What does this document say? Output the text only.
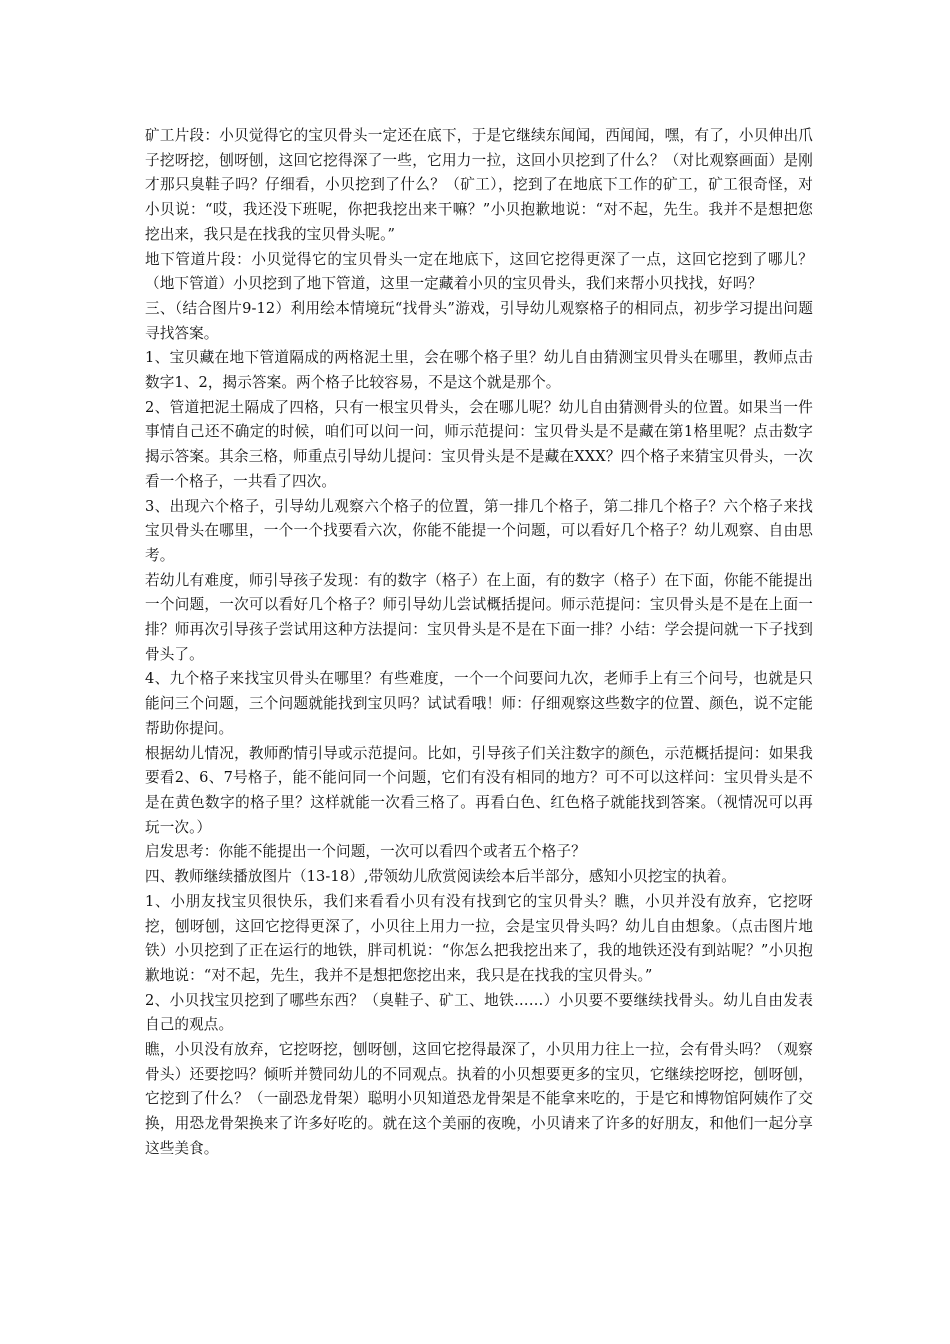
矿工片段：小贝觉得它的宝贝骨头一定还在底下，于是它继续东闻闻，西闻闻，嘿，有了，小贝伸出爪子挖呀挖，刨呀刨，这回它挖得深了一些，它用力一拉，这回小贝挖到了什么？（对比观察画面）是刚才那只臭鞋子吗？仔细看，小贝挖到了什么？（矿工），挖到了在地底下工作的矿工，矿工很奇怪，对小贝说：“哎，我还没下班呢，你把我挖出来干嘛？”小贝抱歉地说：“对不起，先生。我并不是想把您挖出来，我只是在找我的宝贝骨头呢。”

地下管道片段：小贝觉得它的宝贝骨头一定在地底下，这回它挖得更深了一点，这回它挖到了哪儿？（地下管道）小贝挖到了地下管道，这里一定藏着小贝的宝贝骨头，我们来帮小贝找找，好吗？

三、（结合图片9-12）利用绘本情境玩“找骨头”游戏，引导幼儿观察格子的相同点，初步学习提出问题寻找答案。

1、宝贝藏在地下管道隔成的两格泥土里，会在哪个格子里？幼儿自由猜测宝贝骨头在哪里，教师点击数字1、2，揭示答案。两个格子比较容易，不是这个就是那个。

2、管道把泥土隔成了四格，只有一根宝贝骨头，会在哪儿呢？幼儿自由猜测骨头的位置。如果当一件事情自己还不确定的时候，咱们可以问一问，师示范提问：宝贝骨头是不是藏在第1格里呢？点击数字揭示答案。其余三格，师重点引导幼儿提问：宝贝骨头是不是藏在XXX？四个格子来猜宝贝骨头，一次看一个格子，一共看了四次。

3、出现六个格子，引导幼儿观察六个格子的位置，第一排几个格子，第二排几个格子？六个格子来找宝贝骨头在哪里，一个一个找要看六次，你能不能提一个问题，可以看好几个格子？幼儿观察、自由思考。

若幼儿有难度，师引导孩子发现：有的数字（格子）在上面，有的数字（格子）在下面，你能不能提出一个问题，一次可以看好几个格子？师引导幼儿尝试概括提问。师示范提问：宝贝骨头是不是在上面一排？师再次引导孩子尝试用这种方法提问：宝贝骨头是不是在下面一排？小结：学会提问就一下子找到骨头了。

4、九个格子来找宝贝骨头在哪里？有些难度，一个一个问要问九次，老师手上有三个问号，也就是只能问三个问题，三个问题就能找到宝贝吗？试试看哦！师：仔细观察这些数字的位置、颜色，说不定能帮助你提问。

根据幼儿情况，教师酌情引导或示范提问。比如，引导孩子们关注数字的颜色，示范概括提问：如果我要看2、6、7号格子，能不能问同一个问题，它们有没有相同的地方？可不可以这样问：宝贝骨头是不是在黄色数字的格子里？这样就能一次看三格了。再看白色、红色格子就能找到答案。（视情况可以再玩一次。）

启发思考：你能不能提出一个问题，一次可以看四个或者五个格子？

四、教师继续播放图片（13-18）,带领幼儿欣赏阅读绘本后半部分，感知小贝挖宝的执着。

1、小朋友找宝贝很快乐，我们来看看小贝有没有找到它的宝贝骨头？瞧，小贝并没有放弃，它挖呀挖，刨呀刨，这回它挖得更深了，小贝往上用力一拉，会是宝贝骨头吗？幼儿自由想象。（点击图片地铁）小贝挖到了正在运行的地铁，胖司机说：“你怎么把我挖出来了，我的地铁还没有到站呢？”小贝抱歉地说：“对不起，先生，我并不是想把您挖出来，我只是在找我的宝贝骨头。”

2、小贝找宝贝挖到了哪些东西？（臭鞋子、矿工、地铁……）小贝要不要继续找骨头。幼儿自由发表自己的观点。

瞧，小贝没有放弃，它挖呀挖，刨呀刨，这回它挖得最深了，小贝用力往上一拉，会有骨头吗？（观察骨头）还要挖吗？倾听并赞同幼儿的不同观点。执着的小贝想要更多的宝贝，它继续挖呀挖，刨呀刨，它挖到了什么？（一副恐龙骨架）聪明小贝知道恐龙骨架是不能拿来吃的，于是它和博物馆阿姨作了交换，用恐龙骨架换来了许多好吃的。就在这个美丽的夜晚，小贝请来了许多的好朋友，和他们一起分享这些美食。
